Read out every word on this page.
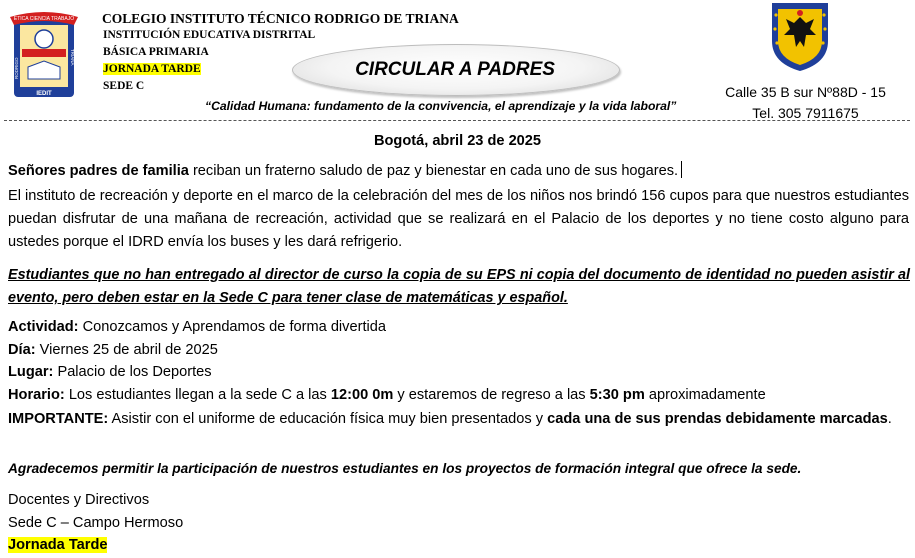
ETICA CIENCIA TRABAJO
RODRIGO
TRIANA
IEDIT
COLEGIO INSTITUTO TÉCNICO RODRIGO DE TRIANA
INSTITUCIÓN EDUCATIVA DISTRITAL
BÁSICA PRIMARIA
JORNADA TARDE
SEDE C
CIRCULAR A PADRES
Calle 35 B sur Nº88D - 15
Tel. 305 7911675
“Calidad Humana: fundamento de la convivencia, el aprendizaje y la vida laboral”
Bogotá, abril 23 de 2025
Señores padres de familia reciban un fraterno saludo de paz y bienestar en cada uno de sus hogares.
El instituto de recreación y deporte en el marco de la celebración del mes de los niños nos brindó 156 cupos para que nuestros estudiantes puedan disfrutar de una mañana de recreación, actividad que se realizará en el Palacio de los deportes y no tiene costo alguno para ustedes porque el IDRD envía los buses y les dará refrigerio.
Estudiantes que no han entregado al director de curso la copia de su EPS ni copia del documento de identidad no pueden asistir al evento, pero deben estar en la Sede C para tener clase de matemáticas y español.
Actividad: Conozcamos y Aprendamos de forma divertida
Día: Viernes 25 de abril de 2025
Lugar: Palacio de los Deportes
Horario: Los estudiantes llegan a la sede C a las 12:00 0m y estaremos de regreso a las 5:30 pm aproximadamente
IMPORTANTE: Asistir con el uniforme de educación física muy bien presentados y cada una de sus prendas debidamente marcadas.
Agradecemos permitir la participación de nuestros estudiantes en los proyectos de formación integral que ofrece la sede.
Docentes y Directivos
Sede C – Campo Hermoso
Jornada Tarde
